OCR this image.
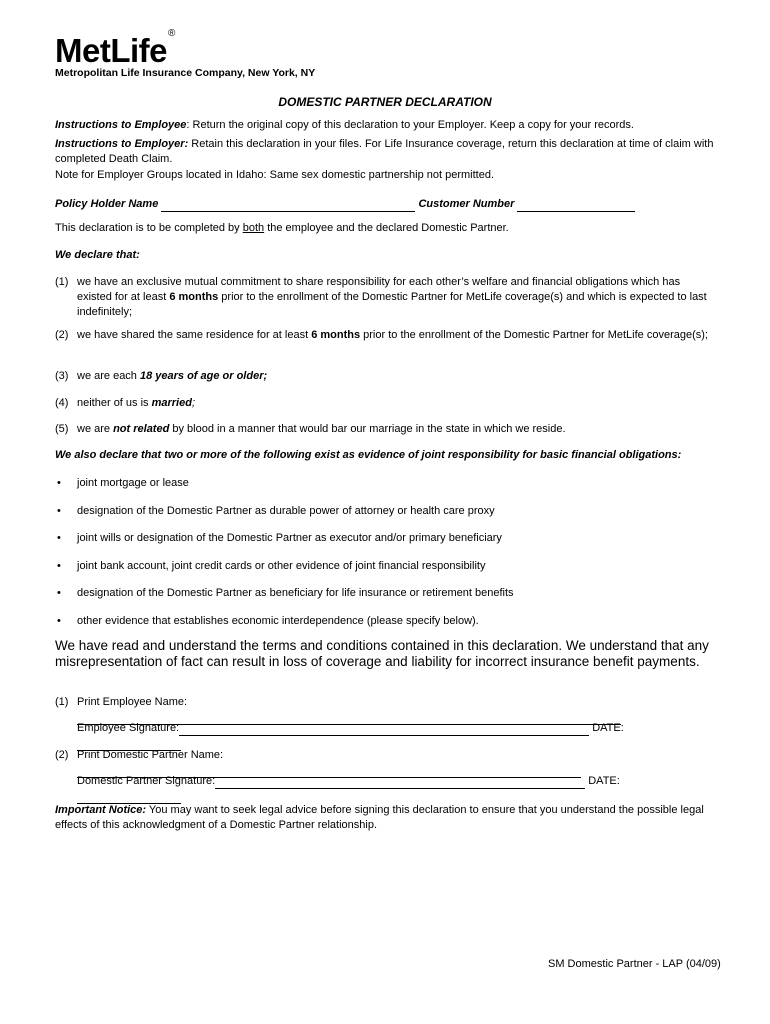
MetLife®
Metropolitan Life Insurance Company, New York, NY
DOMESTIC PARTNER DECLARATION
Instructions to Employee: Return the original copy of this declaration to your Employer. Keep a copy for your records.
Instructions to Employer: Retain this declaration in your files. For Life Insurance coverage, return this declaration at time of claim with completed Death Claim.
Note for Employer Groups located in Idaho: Same sex domestic partnership not permitted.
Policy Holder Name	Customer Number
This declaration is to be completed by both the employee and the declared Domestic Partner.
We declare that:
(1) we have an exclusive mutual commitment to share responsibility for each other’s welfare and financial obligations which has existed for at least 6 months prior to the enrollment of the Domestic Partner for MetLife coverage(s) and which is expected to last indefinitely;
(2) we have shared the same residence for at least 6 months prior to the enrollment of the Domestic Partner for MetLife coverage(s);
(3) we are each 18 years of age or older;
(4) neither of us is married;
(5) we are not related by blood in a manner that would bar our marriage in the state in which we reside.
We also declare that two or more of the following exist as evidence of joint responsibility for basic financial obligations:
• joint mortgage or lease
• designation of the Domestic Partner as durable power of attorney or health care proxy
• joint wills or designation of the Domestic Partner as executor and/or primary beneficiary
• joint bank account, joint credit cards or other evidence of joint financial responsibility
• designation of the Domestic Partner as beneficiary for life insurance or retirement benefits
• other evidence that establishes economic interdependence (please specify below).
We have read and understand the terms and conditions contained in this declaration. We understand that any misrepresentation of fact can result in loss of coverage and liability for incorrect insurance benefit payments.
(1) Print Employee Name:
Employee Signature:	DATE:
(2) Print Domestic Partner Name:
Domestic Partner Signature:	DATE:
Important Notice: You may want to seek legal advice before signing this declaration to ensure that you understand the possible legal effects of this acknowledgment of a Domestic Partner relationship.
SM Domestic Partner - LAP (04/09)
